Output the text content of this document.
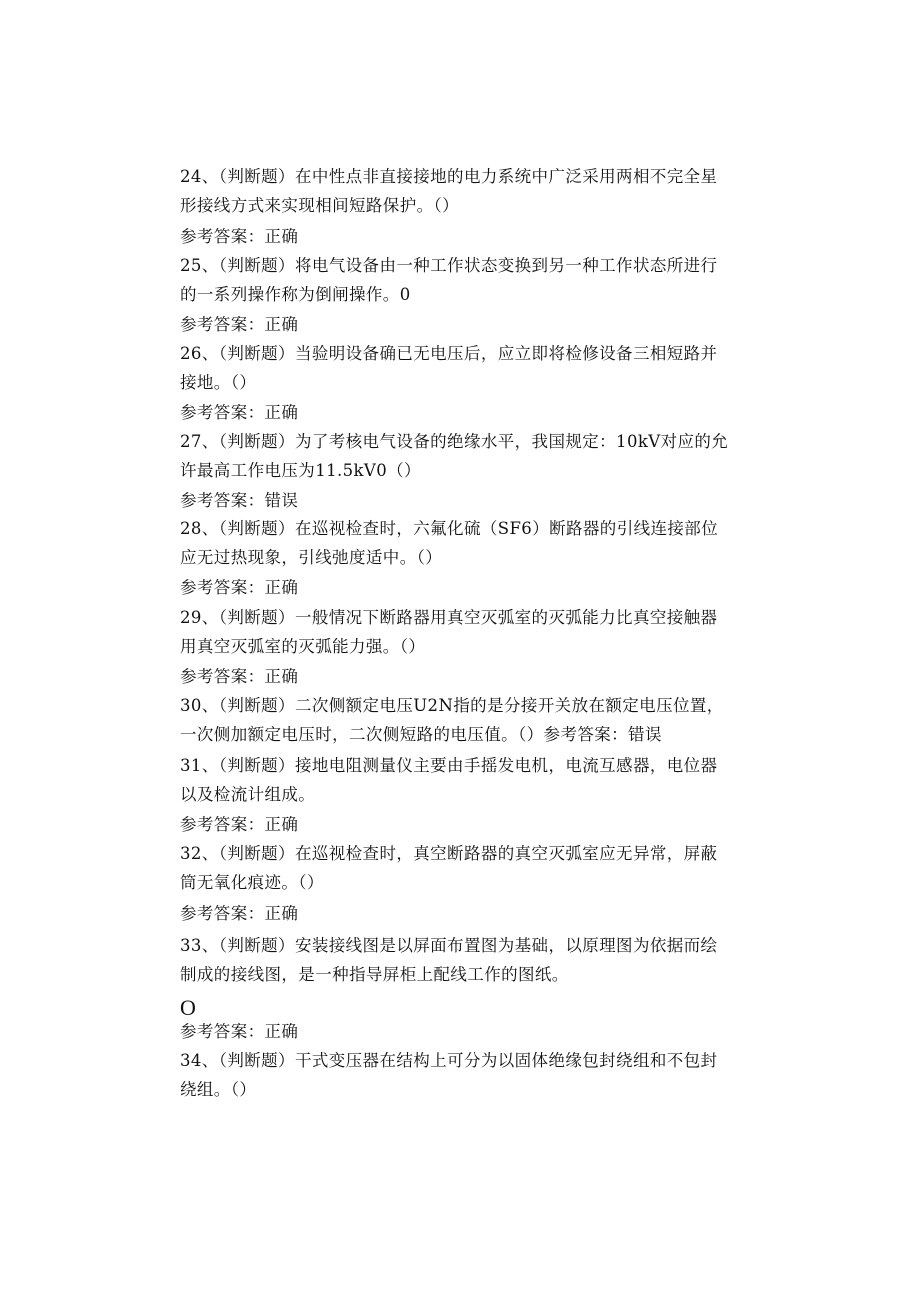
24、（判断题）在中性点非直接接地的电力系统中广泛采用两相不完全星
形接线方式来实现相间短路保护。（）
参考答案：正确
25、（判断题）将电气设备由一种工作状态变换到另一种工作状态所进行
的一系列操作称为倒闸操作。0
参考答案：正确
26、（判断题）当验明设备确已无电压后，应立即将检修设备三相短路并
接地。（）
参考答案：正确
27、（判断题）为了考核电气设备的绝缘水平，我国规定：10kV对应的允
许最高工作电压为11.5kV0（）
参考答案：错误
28、（判断题）在巡视检查时，六氟化硫（SF6）断路器的引线连接部位
应无过热现象，引线弛度适中。（）
参考答案：正确
29、（判断题）一般情况下断路器用真空灭弧室的灭弧能力比真空接触器
用真空灭弧室的灭弧能力强。（）
参考答案：正确
30、（判断题）二次侧额定电压U2N指的是分接开关放在额定电压位置，
一次侧加额定电压时，二次侧短路的电压值。（）参考答案：错误
31、（判断题）接地电阻测量仪主要由手摇发电机，电流互感器，电位器
以及检流计组成。
参考答案：正确
32、（判断题）在巡视检查时，真空断路器的真空灭弧室应无异常，屏蔽
筒无氧化痕迹。（）
参考答案：正确
33、（判断题）安装接线图是以屏面布置图为基础，以原理图为依据而绘
制成的接线图，是一种指导屏柜上配线工作的图纸。
O
参考答案：正确
34、（判断题）干式变压器在结构上可分为以固体绝缘包封绕组和不包封
绕组。（）
